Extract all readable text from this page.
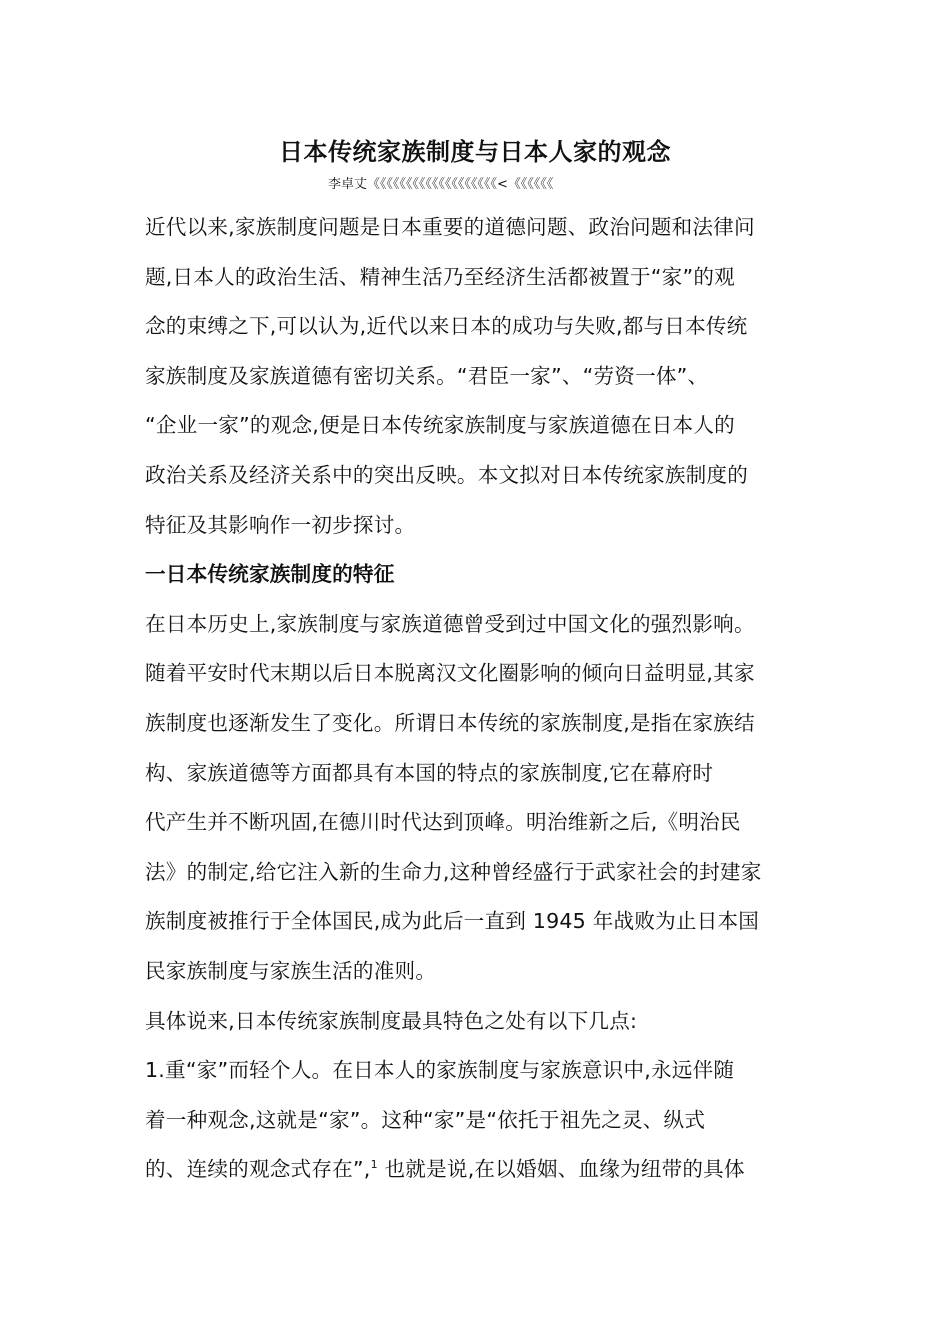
日本传统家族制度与日本人家的观念
李卓丈《《《《《《《《《《《《《《《《《《《<《《《《《《
近代以来,家族制度问题是日本重要的道德问题、政治问题和法律问
题,日本人的政治生活、精神生活乃至经济生活都被置于“家”的观
念的束缚之下,可以认为,近代以来日本的成功与失败,都与日本传统
家族制度及家族道德有密切关系。“君臣一家”、“劳资一体”、
“企业一家”的观念,便是日本传统家族制度与家族道德在日本人的
政治关系及经济关系中的突出反映。本文拟对日本传统家族制度的
特征及其影响作一初步探讨。
一日本传统家族制度的特征
在日本历史上,家族制度与家族道德曾受到过中国文化的强烈影响。
随着平安时代末期以后日本脱离汉文化圈影响的倾向日益明显,其家
族制度也逐渐发生了变化。所谓日本传统的家族制度,是指在家族结
构、家族道德等方面都具有本国的特点的家族制度,它在幕府时
代产生并不断巩固,在德川时代达到顶峰。明治维新之后,《明治民
法》的制定,给它注入新的生命力,这种曾经盛行于武家社会的封建家
族制度被推行于全体国民,成为此后一直到 1945 年战败为止日本国
民家族制度与家族生活的准则。
具体说来,日本传统家族制度最具特色之处有以下几点:
1.重“家”而轻个人。在日本人的家族制度与家族意识中,永远伴随
着一种观念,这就是“家”。这种“家”是“依托于祖先之灵、纵式
的、连续的观念式存在”,$^1$ 也就是说,在以婚姻、血缘为纽带的具体
